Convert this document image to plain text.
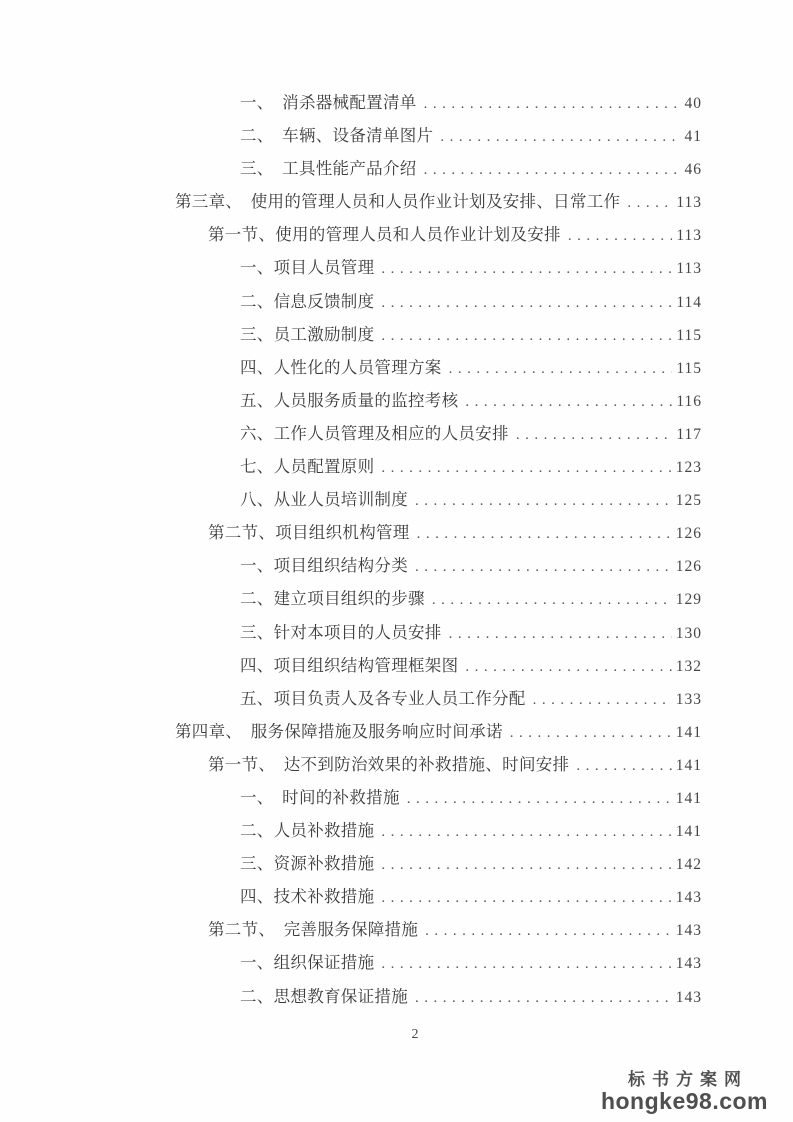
一、　消杀器械配置清单 .....	40
二、　车辆、设备清单图片 .....	41
三、　工具性能产品介绍 .....	46
第三章、　使用的管理人员和人员作业计划及安排、日常工作 .....	113
第一节、使用的管理人员和人员作业计划及安排 .....	113
一、项目人员管理 .....	113
二、信息反馈制度 .....	114
三、员工激励制度 .....	115
四、人性化的人员管理方案 .....	115
五、人员服务质量的监控考核 .....	116
六、工作人员管理及相应的人员安排 .....	117
七、人员配置原则 .....	123
八、从业人员培训制度 .....	125
第二节、项目组织机构管理 .....	126
一、项目组织结构分类 .....	126
二、建立项目组织的步骤 .....	129
三、针对本项目的人员安排 .....	130
四、项目组织结构管理框架图 .....	132
五、项目负责人及各专业人员工作分配 .....	133
第四章、　服务保障措施及服务响应时间承诺 .....	141
第一节、　达不到防治效果的补救措施、时间安排 .....	141
一、　时间的补救措施 .....	141
二、人员补救措施 .....	141
三、资源补救措施 .....	142
四、技术补救措施 .....	143
第二节、　完善服务保障措施 .....	143
一、组织保证措施 .....	143
二、思想教育保证措施 .....	143
2
标书方案网
hongke98.com
